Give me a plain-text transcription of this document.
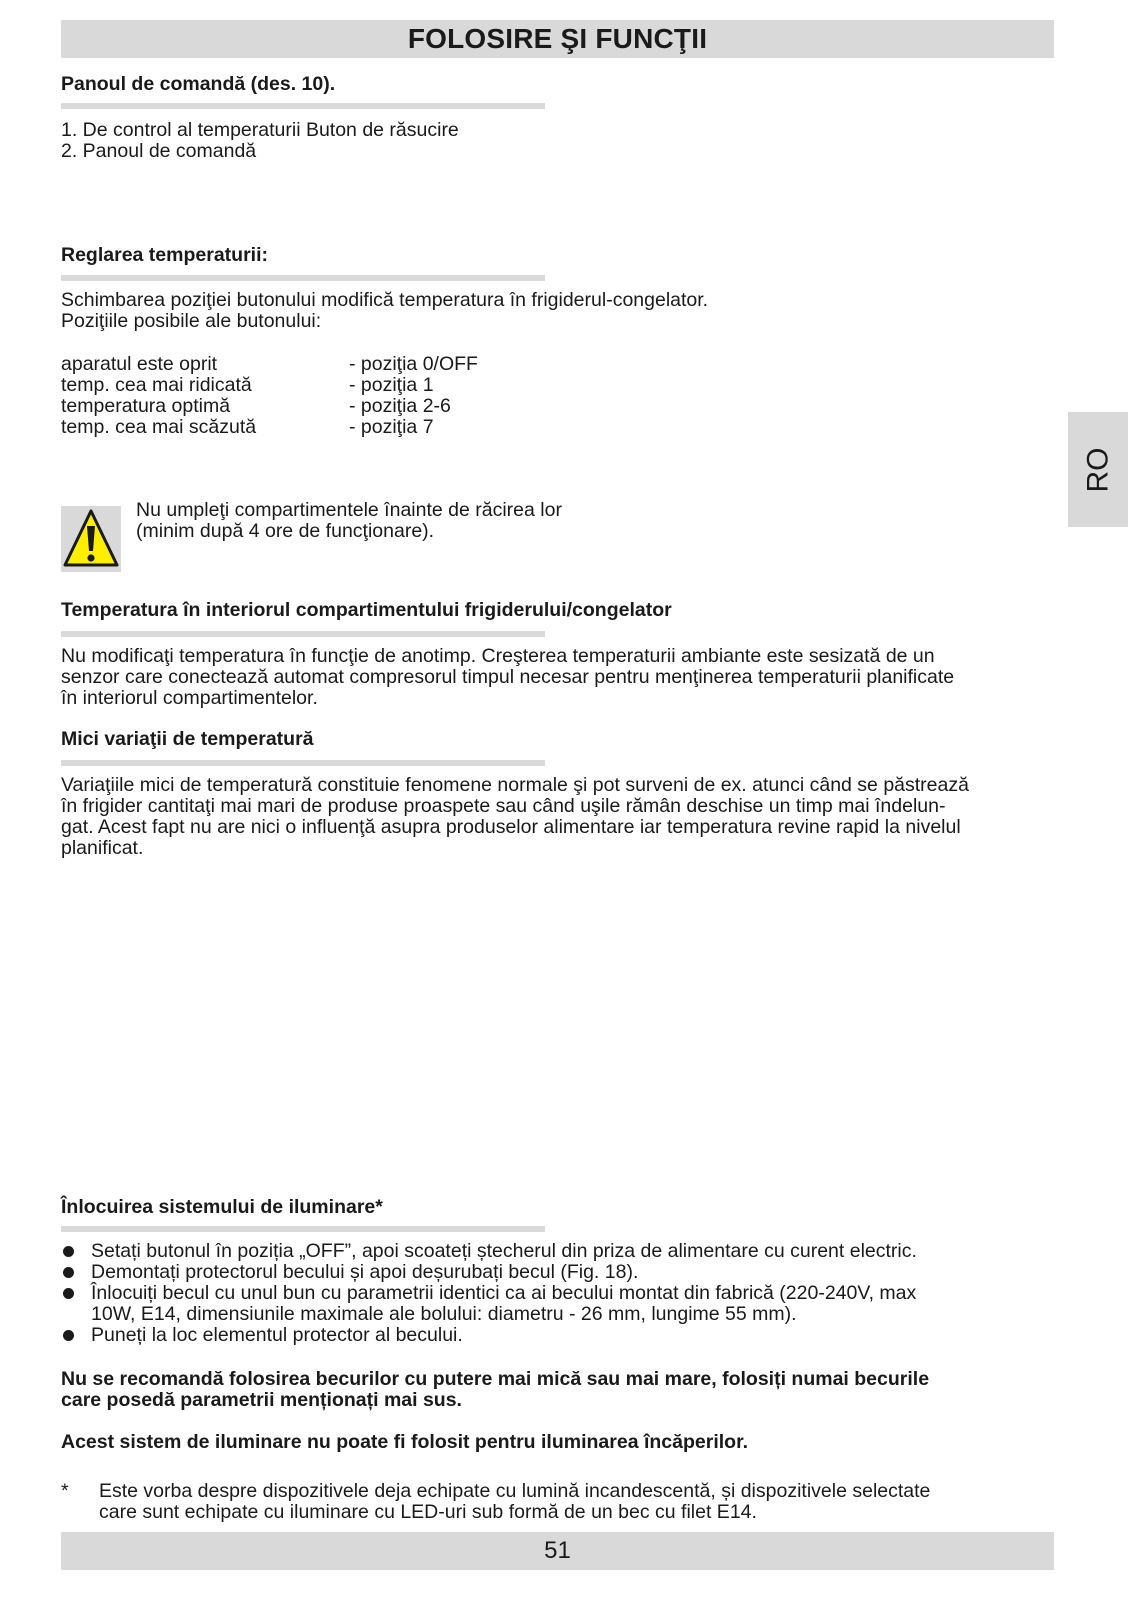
FOLOSIRE ŞI FUNCŢII
RO
Panoul de comandă (des. 10).
1. De control al temperaturii Buton de răsucire
2. Panoul de comandă
Reglarea temperaturii:
Schimbarea poziţiei butonului modifică temperatura în frigiderul-congelator.
Poziţiile posibile ale butonului:
aparatul este oprit
temp. cea mai ridicată
temperatura optimă
temp. cea mai scăzută
- poziţia 0/OFF
- poziţia 1
- poziţia 2-6
- poziţia 7
Nu umpleţi compartimentele înainte de răcirea lor
(minim după 4 ore de funcţionare).
Temperatura în interiorul compartimentului frigiderului/congelator
Nu modificaţi temperatura în funcţie de anotimp. Creşterea temperaturii ambiante este sesizată de un
senzor care conectează automat compresorul timpul necesar pentru menţinerea temperaturii planificate
în interiorul compartimentelor.
Mici variaţii de temperatură
Variaţiile mici de temperatură constituie fenomene normale şi pot surveni de ex. atunci când se păstrează
în frigider cantitaţi mai mari de produse proaspete sau când uşile rămân deschise un timp mai îndelun-
gat. Acest fapt nu are nici o influenţă asupra produselor alimentare iar temperatura revine rapid la nivelul
planificat.
Înlocuirea sistemului de iluminare*
Setați butonul în poziția „OFF”, apoi scoateți ștecherul din priza de alimentare cu curent electric.
Demontați protectorul becului și apoi deșurubați becul (Fig. 18).
Înlocuiți becul cu unul bun cu parametrii identici ca ai becului montat din fabrică (220-240V, max
10W, E14, dimensiunile maximale ale bolului: diametru - 26 mm, lungime 55 mm).
Puneți la loc elementul protector al becului.
Nu se recomandă folosirea becurilor cu putere mai mică sau mai mare, folosiți numai becurile
care posedă parametrii menționați mai sus.
Acest sistem de iluminare nu poate fi folosit pentru iluminarea încăperilor.
* Este vorba despre dispozitivele deja echipate cu lumină incandescentă, și dispozitivele selectate
care sunt echipate cu iluminare cu LED-uri sub formă de un bec cu filet E14.
51
